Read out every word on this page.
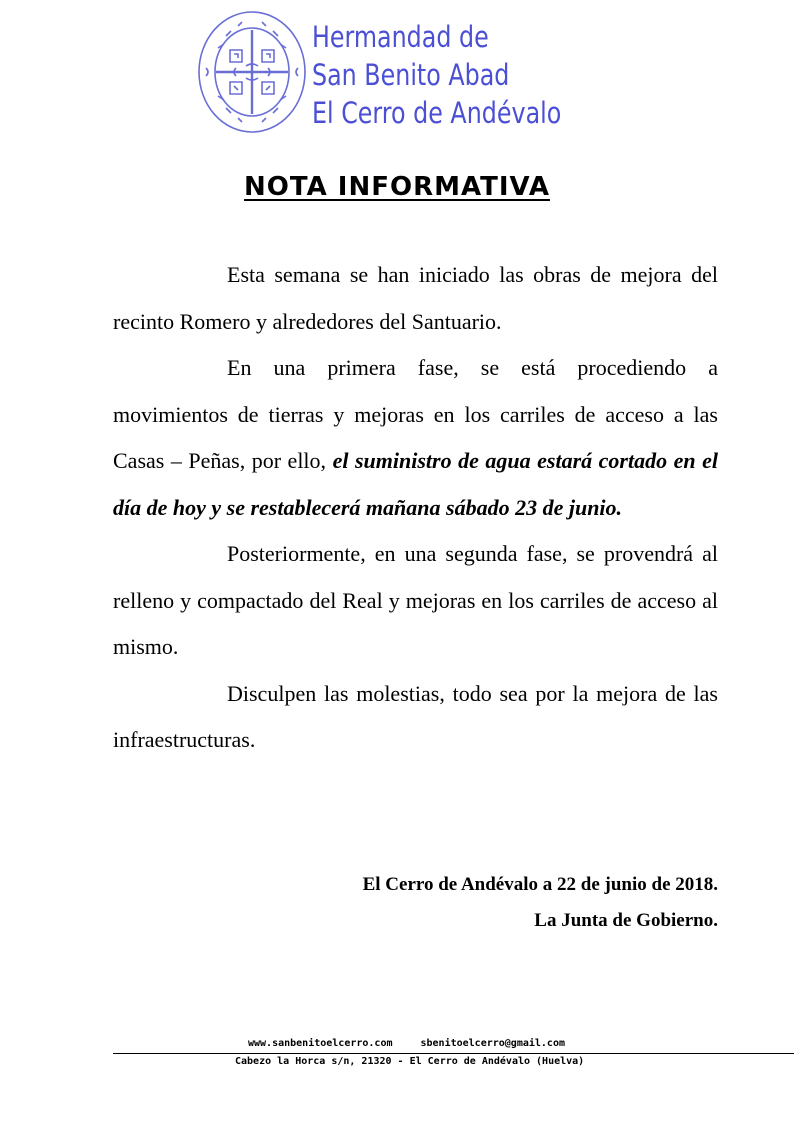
Hermandad de
San Benito Abad
El Cerro de Andévalo
NOTA INFORMATIVA

Esta semana se han iniciado las obras de mejora del recinto Romero y alrededores del Santuario.

En una primera fase, se está procediendo a movimientos de tierras y mejoras en los carriles de acceso a las Casas – Peñas, por ello, el suministro de agua estará cortado en el día de hoy y se restablecerá mañana sábado 23 de junio.

Posteriormente, en una segunda fase, se provendrá al relleno y compactado del Real y mejoras en los carriles de acceso al mismo.

Disculpen las molestias, todo sea por la mejora de las infraestructuras.

El Cerro de Andévalo a 22 de junio de 2018.
La Junta de Gobierno.
www.sanbenitoelcerro.com	sbenitoelcerro@gmail.com
Cabezo la Horca s/n, 21320 - El Cerro de Andévalo (Huelva)
